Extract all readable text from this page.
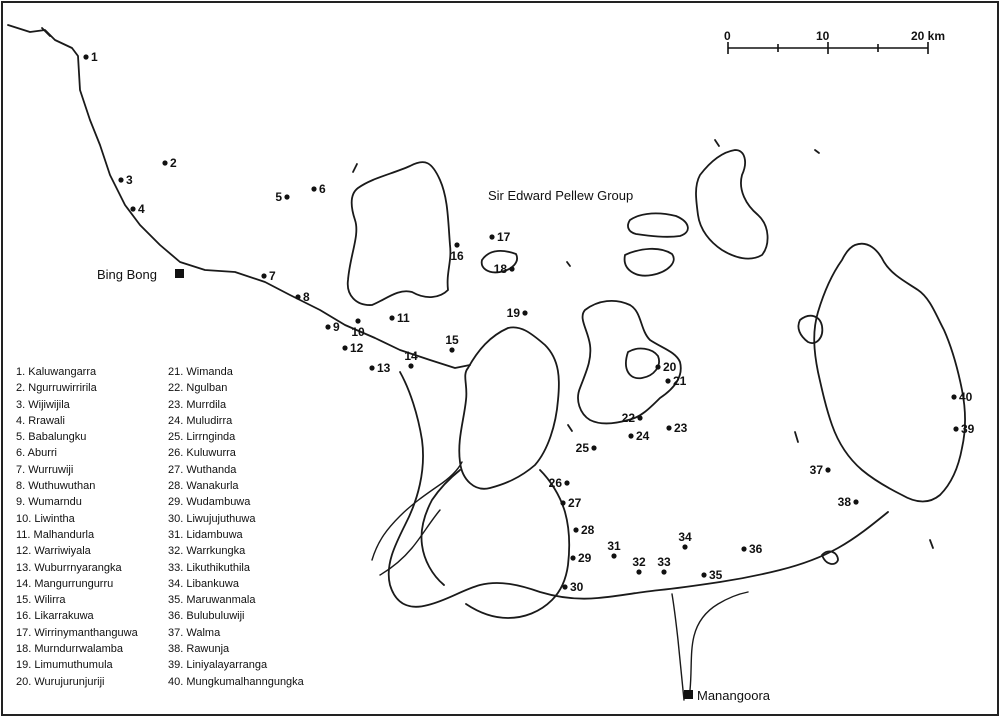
0	10	20 km
Sir Edward Pellew Group
Bing Bong
Manangoora
1
2
3
4
5
6
7
8
9 10
11
12
13
14
15
16
17
18
19
20
21
22
23
24
25
26
27
28
29
30
31
32 33
34
35
36
37
38
39
40
1. Kaluwangarra
2. Ngurruwirririla
3. Wijiwijila
4. Rrawali
5. Babalungku
6. Aburri
7. Wurruwiji
8. Wuthuwuthan
9. Wumarndu
10. Liwintha
11. Malhandurla
12. Warriwiyala
13. Wuburrnyarangka
14. Mangurrungurru
15. Wilirra
16. Likarrakuwa
17. Wirrinymanthanguwa
18. Murndurrwalamba
19. Limumuthumula
20. Wurujurunjuriji
21. Wimanda
22. Ngulban
23. Murrdila
24. Muludirra
25. Lirrnginda
26. Kuluwurra
27. Wuthanda
28. Wanakurla
29. Wudambuwa
30. Liwujujuthuwa
31. Lidambuwa
32. Warrkungka
33. Likuthikuthila
34. Libankuwa
35. Maruwanmala
36. Bulubuluwiji
37. Walma
38. Rawunja
39. Liniyalayarranga
40. Mungkumalhanngungka
